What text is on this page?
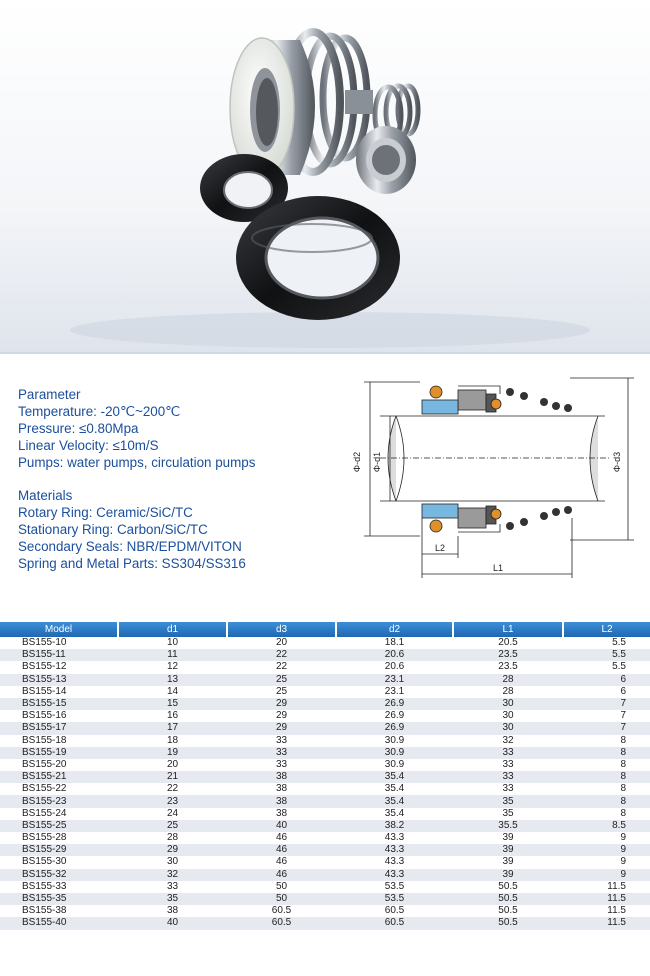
Parameter
Temperature: -20℃~200℃
Pressure: ≤0.80Mpa
Linear Velocity: ≤10m/S
Pumps: water pumps, circulation pumps
Materials
Rotary Ring: Ceramic/SiC/TC
Stationary Ring: Carbon/SiC/TC
Secondary Seals: NBR/EPDM/VITON
Spring and Metal Parts: SS304/SS316
Φ-d2 Φ-d1	Φ-d3
L2
L1
Model	d1	d3	d2	L1	L2
BS155-10	10	20	18.1	20.5	5.5
BS155-11	11	22	20.6	23.5	5.5
BS155-12	12	22	20.6	23.5	5.5
BS155-13	13	25	23.1	28	6
BS155-14	14	25	23.1	28	6
BS155-15	15	29	26.9	30	7
BS155-16	16	29	26.9	30	7
BS155-17	17	29	26.9	30	7
BS155-18	18	33	30.9	32	8
BS155-19	19	33	30.9	33	8
BS155-20	20	33	30.9	33	8
BS155-21	21	38	35.4	33	8
BS155-22	22	38	35.4	33	8
BS155-23	23	38	35.4	35	8
BS155-24	24	38	35.4	35	8
BS155-25	25	40	38.2	35.5	8.5
BS155-28	28	46	43.3	39	9
BS155-29	29	46	43.3	39	9
BS155-30	30	46	43.3	39	9
BS155-32	32	46	43.3	39	9
BS155-33	33	50	53.5	50.5	11.5
BS155-35	35	50	53.5	50.5	11.5
BS155-38	38	60.5	60.5	50.5	11.5
BS155-40	40	60.5	60.5	50.5	11.5
